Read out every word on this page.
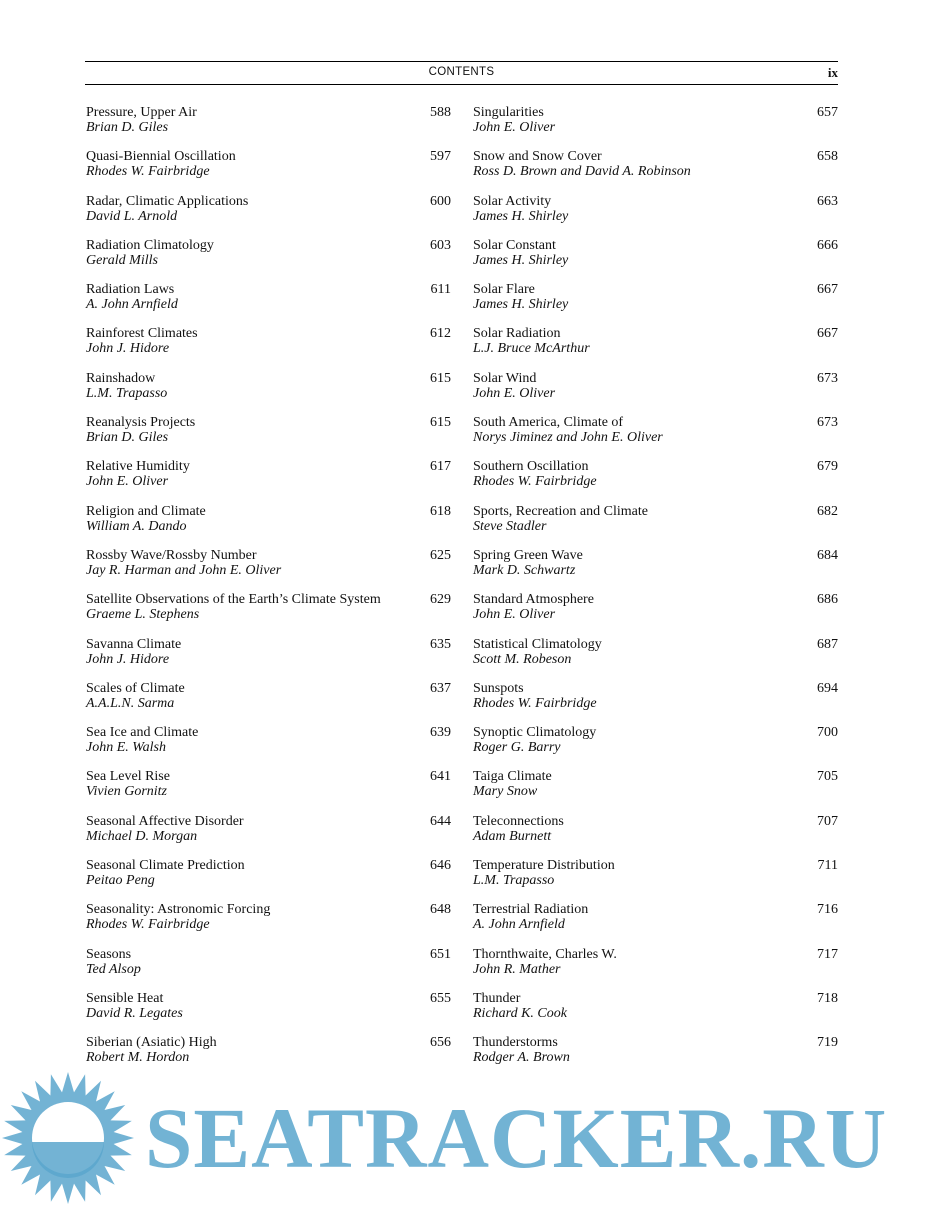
CONTENTS	ix
Pressure, Upper Air
Brian D. Giles
588
Quasi-Biennial Oscillation
Rhodes W. Fairbridge
597
Radar, Climatic Applications
David L. Arnold
600
Radiation Climatology
Gerald Mills
603
Radiation Laws
A. John Arnfield
611
Rainforest Climates
John J. Hidore
612
Rainshadow
L.M. Trapasso
615
Reanalysis Projects
Brian D. Giles
615
Relative Humidity
John E. Oliver
617
Religion and Climate
William A. Dando
618
Rossby Wave/Rossby Number
Jay R. Harman and John E. Oliver
625
Satellite Observations of the Earth’s Climate System
Graeme L. Stephens
629
Savanna Climate
John J. Hidore
635
Scales of Climate
A.A.L.N. Sarma
637
Sea Ice and Climate
John E. Walsh
639
Sea Level Rise
Vivien Gornitz
641
Seasonal Affective Disorder
Michael D. Morgan
644
Seasonal Climate Prediction
Peitao Peng
646
Seasonality: Astronomic Forcing
Rhodes W. Fairbridge
648
Seasons
Ted Alsop
651
Sensible Heat
David R. Legates
655
Siberian (Asiatic) High
Robert M. Hordon
656
Singularities
John E. Oliver
657
Snow and Snow Cover
Ross D. Brown and David A. Robinson
658
Solar Activity
James H. Shirley
663
Solar Constant
James H. Shirley
666
Solar Flare
James H. Shirley
667
Solar Radiation
L.J. Bruce McArthur
667
Solar Wind
John E. Oliver
673
South America, Climate of
Norys Jiminez and John E. Oliver
673
Southern Oscillation
Rhodes W. Fairbridge
679
Sports, Recreation and Climate
Steve Stadler
682
Spring Green Wave
Mark D. Schwartz
684
Standard Atmosphere
John E. Oliver
686
Statistical Climatology
Scott M. Robeson
687
Sunspots
Rhodes W. Fairbridge
694
Synoptic Climatology
Roger G. Barry
700
Taiga Climate
Mary Snow
705
Teleconnections
Adam Burnett
707
Temperature Distribution
L.M. Trapasso
711
Terrestrial Radiation
A. John Arnfield
716
Thornthwaite, Charles W.
John R. Mather
717
Thunder
Richard K. Cook
718
Thunderstorms
Rodger A. Brown
719
SEATRACKER.RU
